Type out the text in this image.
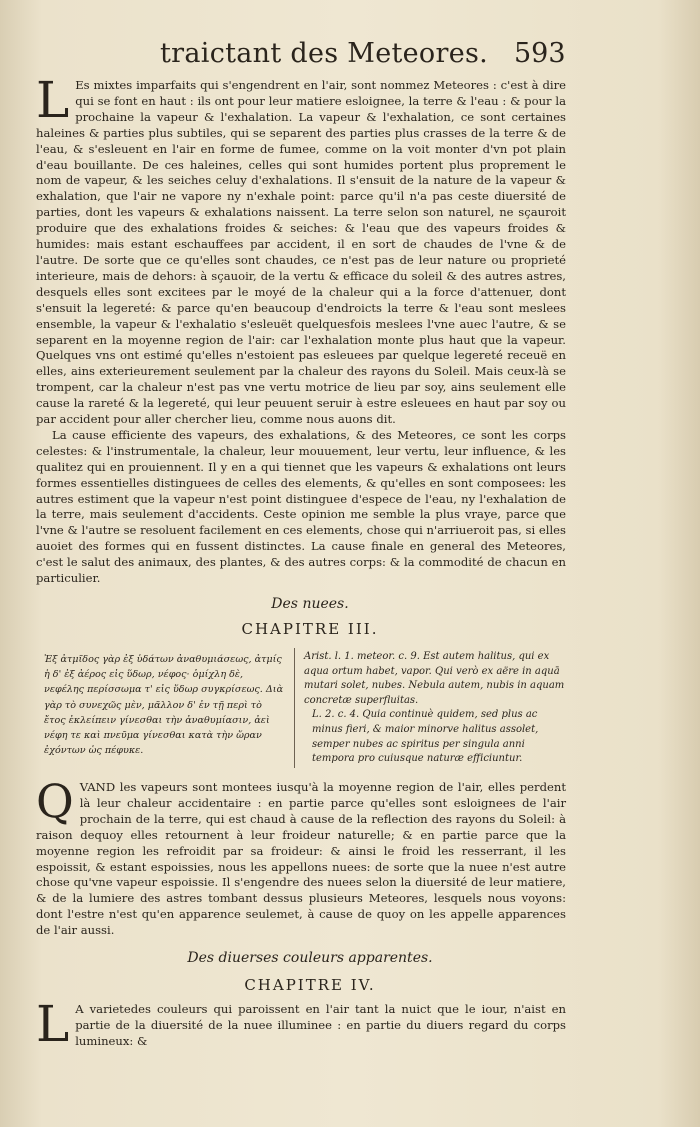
traictant des Meteores. 593

L Es mixtes imparfaits qui s'engendrent en l'air, sont nommez Meteores : c'est à dire qui se font en haut : ils ont pour leur matiere esloignee, la terre & l'eau : & pour la prochaine la vapeur & l'exhalation. La vapeur & l'exhalation, ce sont certaines haleines & parties plus subtiles, qui se separent des parties plus crasses de la terre & de l'eau, & s'esleuent en l'air en forme de fumee, comme on la voit monter d'vn pot plain d'eau bouillante. De ces haleines, celles qui sont humides portent plus proprement le nom de vapeur, & les seiches celuy d'exhalations. Il s'ensuit de la nature de la vapeur & exhalation, que l'air ne vapore ny n'exhale point: parce qu'il n'a pas ceste diuersité de parties, dont les vapeurs & exhalations naissent. La terre selon son naturel, ne sçauroit produire que des exhalations froides & seiches: & l'eau que des vapeurs froides & humides: mais estant eschauffees par accident, il en sort de chaudes de l'vne & de l'autre. De sorte que ce qu'elles sont chaudes, ce n'est pas de leur nature ou proprieté interieure, mais de dehors: à sçauoir, de la vertu & efficace du soleil & des autres astres, desquels elles sont excitees par le moyé de la chaleur qui a la force d'attenuer, dont s'ensuit la legereté: & parce qu'en beaucoup d'endroicts la terre & l'eau sont meslees ensemble, la vapeur & l'exhalatio s'esleuët quelquesfois meslees l'vne auec l'autre, & se separent en la moyenne region de l'air: car l'exhalation monte plus haut que la vapeur. Quelques vns ont estimé qu'elles n'estoient pas esleuees par quelque legereté receuë en elles, ains exterieurement seulement par la chaleur des rayons du Soleil. Mais ceux-là se trompent, car la chaleur n'est pas vne vertu motrice de lieu par soy, ains seulement elle cause la rareté & la legereté, qui leur peuuent seruir à estre esleuees en haut par soy ou par accident pour aller chercher lieu, comme nous auons dit.

La cause efficiente des vapeurs, des exhalations, & des Meteores, ce sont les corps celestes: & l'instrumentale, la chaleur, leur mouuement, leur vertu, leur influence, & les qualitez qui en prouiennent. Il y en a qui tiennet que les vapeurs & exhalations ont leurs formes essentielles distinguees de celles des elements, & qu'elles en sont composees: les autres estiment que la vapeur n'est point distinguee d'espece de l'eau, ny l'exhalation de la terre, mais seulement d'accidents. Ceste opinion me semble la plus vraye, parce que l'vne & l'autre se resoluent facilement en ces elements, chose qui n'arriueroit pas, si elles auoiet des formes qui en fussent distinctes. La cause finale en general des Meteores, c'est le salut des animaux, des plantes, & des autres corps: & la commodité de chacun en particulier.

Des nuees.
CHAPITRE III.

Ἐξ ἀτμῖδος γὰρ ἐξ ὑδάτων ἀναθυμιάσεως, ἀτμίς ἡ δ' ἐξ ἀέρος εἰς ὕδωρ, νέφος· ὁμίχλη δὲ, νεφέλης περίσσωμα τ' εἰς ὕδωρ συγκρίσεως. Διὰ γὰρ τὸ συνεχῶς μὲν, μᾶλλον δ' ἐν τῇ περὶ τὸ ἔτος ἐκλείπειν γίνεσθαι τὴν ἀναθυμίασιν, ἀεὶ νέφη τε καὶ πνεῦμα γίνεσθαι κατὰ τὴν ὥραν ἐχόντων ὡς πέφυκε.

Arist. l. 1. meteor. c. 9. Est autem halitus, qui ex aqua ortum habet, vapor. Qui verò ex aëre in aquā mutari solet, nubes. Nebula autem, nubis in aquam concretæ superfluitas.
L. 2. c. 4. Quia continuè quidem, sed plus ac minus fieri, & maior minorve halitus assolet, semper nubes ac spiritus per singula anni tempora pro cuiusque naturæ efficiuntur.

QVAND les vapeurs sont montees iusqu'à la moyenne region de l'air, elles perdent là leur chaleur accidentaire : en partie parce qu'elles sont esloignees de l'air prochain de la terre, qui est chaud à cause de la reflection des rayons du Soleil: à raison dequoy elles retournent à leur froideur naturelle; & en partie parce que la moyenne region les refroidit par sa froideur: & ainsi le froid les resserrant, il les espoissit, & estant espoissies, nous les appellons nuees: de sorte que la nuee n'est autre chose qu'vne vapeur espoissie. Il s'engendre des nuees selon la diuersité de leur matiere, & de la lumiere des astres tombant dessus plusieurs Meteores, lesquels nous voyons: dont l'estre n'est qu'en apparence seulemet, à cause de quoy on les appelle apparences de l'air aussi.

Des diuerses couleurs apparentes.
CHAPITRE IV.

L A varietedes couleurs qui paroissent en l'air tant la nuict que le iour, n'aist en partie de la diuersité de la nuee illuminee : en partie du diuers regard du corps lumineux: &
